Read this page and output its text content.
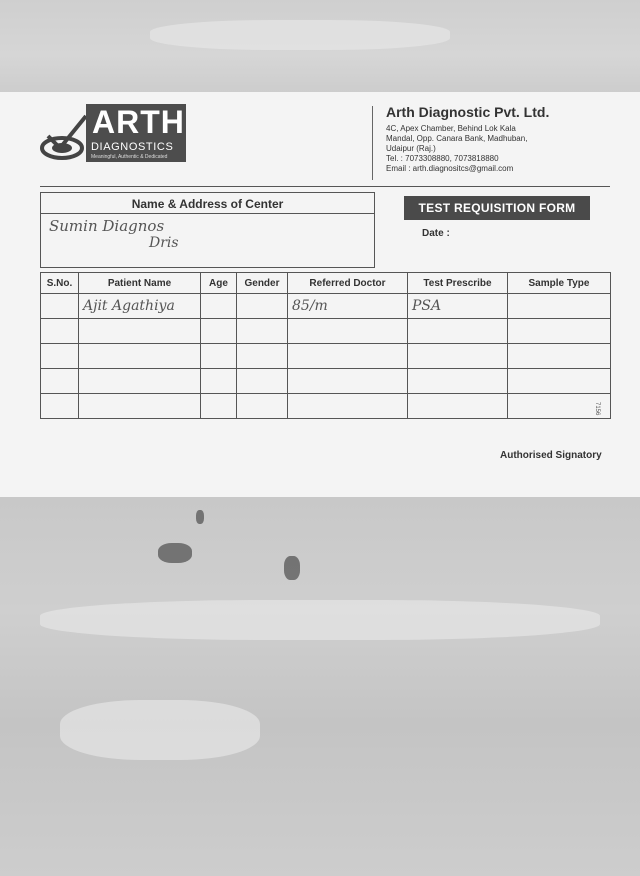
ARTH
DIAGNOSTICS
Meaningful, Authentic & Dedicated
Arth Diagnostic Pvt. Ltd.
4C, Apex Chamber, Behind Lok Kala
Mandal, Opp. Canara Bank, Madhuban,
Udaipur (Raj.)
Tel. : 7073308880, 7073818880
Email : arth.diagnositcs@gmail.com
Name & Address of Center
Sumin Diagnos
Dris
TEST REQUISITION FORM
Date :
S.No.	Patient Name	Age	Gender	Referred Doctor	Test Prescribe	Sample Type
	Ajit Agathiya			85/m	PSA	

7156
Authorised Signatory
